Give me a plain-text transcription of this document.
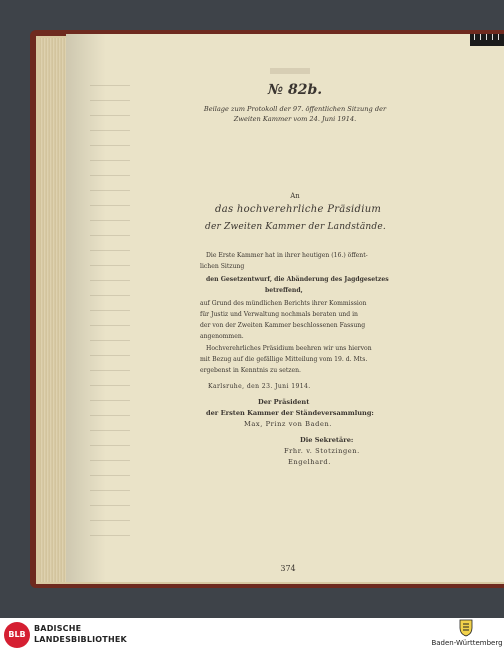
№ 82b.
Beilage zum Protokoll der 97. öffentlichen Sitzung der Zweiten Kammer vom 24. Juni 1914.
An
das hochverehrliche Präsidium
der Zweiten Kammer der Landstände.
Die Erste Kammer hat in ihrer heutigen (16.) öffent-
lichen Sitzung
den Gesetzentwurf, die Abänderung des Jagdgesetzes
betreffend,
auf Grund des mündlichen Berichts ihrer Kommission
für Justiz und Verwaltung nochmals beraten und in
der von der Zweiten Kammer beschlossenen Fassung
angenommen.
Hochverehrliches Präsidium beehren wir uns hiervon
mit Bezug auf die gefällige Mitteilung vom 19. d. Mts.
ergebenst in Kenntnis zu setzen.
Karlsruhe, den 23. Juni 1914.
Der Präsident
der Ersten Kammer der Ständeversammlung:
Max, Prinz von Baden.
Die Sekretäre:
Frhr. v. Stotzingen.
Engelhard.
374
BLB
BADISCHE
LANDESBIBLIOTHEK	Baden-Württemberg
